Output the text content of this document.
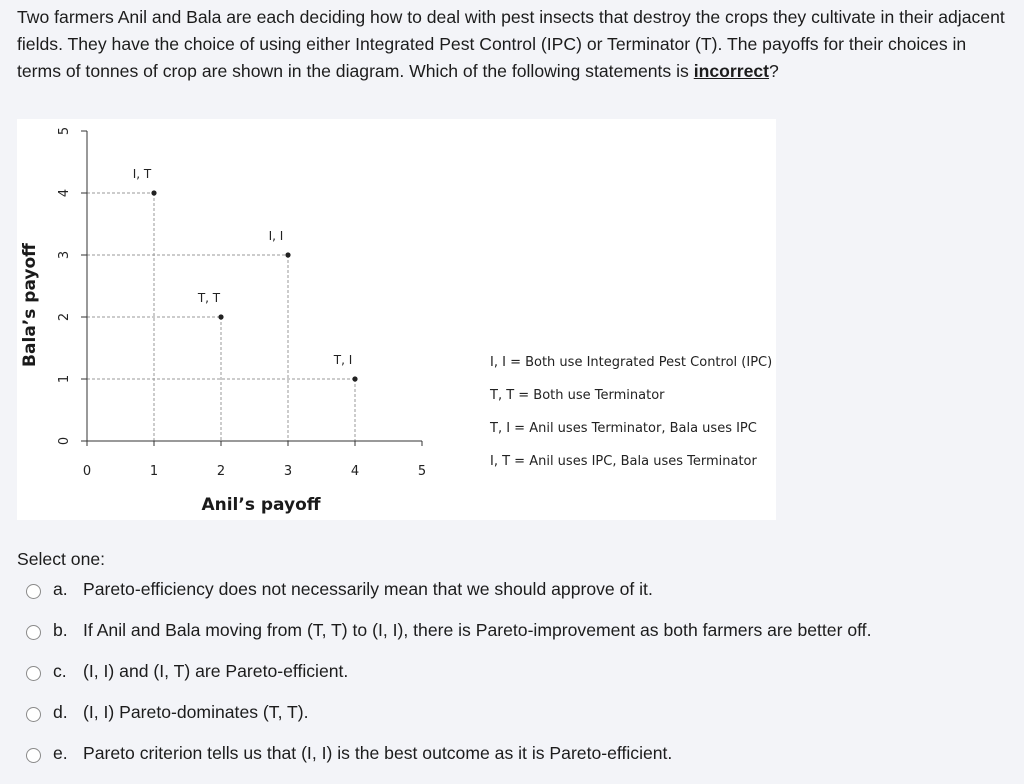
Two farmers Anil and Bala are each deciding how to deal with pest insects that destroy the crops they cultivate in their adjacent fields. They have the choice of using either Integrated Pest Control (IPC) or Terminator (T). The payoffs for their choices in terms of tonnes of crop are shown in the diagram. Which of the following statements is incorrect?
0
1
2
3
4
5
0	1	2	3	4	5
I, T
I, I
T, T
T, I
Bala’s payoff
Anil’s payoff
I, I = Both use Integrated Pest Control (IPC)
T, T = Both use Terminator
T, I = Anil uses Terminator, Bala uses IPC
I, T = Anil uses IPC, Bala uses Terminator
Select one:
a. Pareto-efficiency does not necessarily mean that we should approve of it.
b. If Anil and Bala moving from (T, T) to (I, I), there is Pareto-improvement as both farmers are better off.
c. (I, I) and (I, T) are Pareto-efficient.
d. (I, I) Pareto-dominates (T, T).
e. Pareto criterion tells us that (I, I) is the best outcome as it is Pareto-efficient.
